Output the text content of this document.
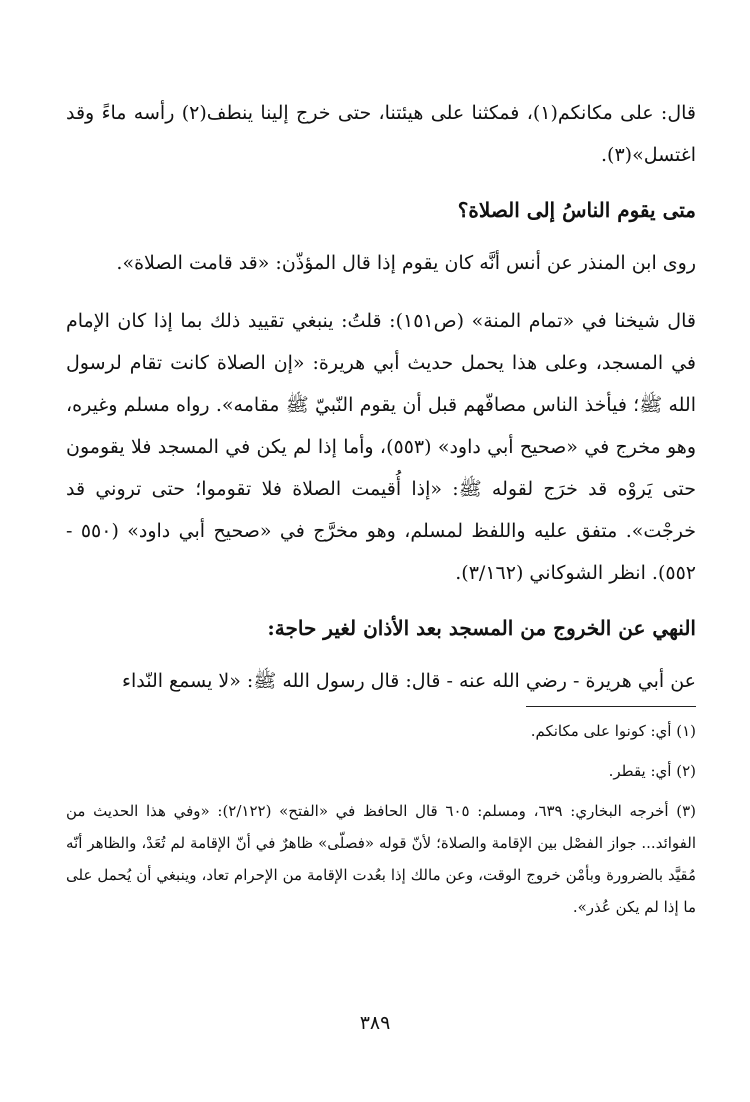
قال: على مكانكم(١)، فمكثنا على هيئتنا، حتى خرج إلينا ينطف(٢) رأسه ماءً وقد اغتسل»(٣).

متى يقوم الناسُ إلى الصلاة؟

روى ابن المنذر عن أنس أنَّه كان يقوم إذا قال المؤذّن: «قد قامت الصلاة».

قال شيخنا في «تمام المنة» (ص١٥١): قلتُ: ينبغي تقييد ذلك بما إذا كان الإمام في المسجد، وعلى هذا يحمل حديث أبي هريرة: «إن الصلاة كانت تقام لرسول الله ﷺ؛ فيأخذ الناس مصافّهم قبل أن يقوم النّبيّ ﷺ مقامه». رواه مسلم وغيره، وهو مخرج في «صحيح أبي داود» (٥٥٣)، وأما إذا لم يكن في المسجد فلا يقومون حتى يَروْه قد خرَج لقوله ﷺ: «إذا أُقيمت الصلاة فلا تقوموا؛ حتى تروني قد خرجْت». متفق عليه واللفظ لمسلم، وهو مخرَّج في «صحيح أبي داود» (٥٥٠ - ٥٥٢). انظر الشوكاني (٣/١٦٢).

النهي عن الخروج من المسجد بعد الأذان لغير حاجة:

عن أبي هريرة - رضي الله عنه - قال: قال رسول الله ﷺ: «لا يسمع النّداء

(١) أي: كونوا على مكانكم.

(٢) أي: يقطر.

(٣) أخرجه البخاري: ٦٣٩، ومسلم: ٦٠٥ قال الحافظ في «الفتح» (٢/١٢٢): «وفي هذا الحديث من الفوائد... جواز الفصْل بين الإقامة والصلاة؛ لأنّ قوله «فصلّى» ظاهرٌ في أنّ الإقامة لم تُعَدْ، والظاهر أنّه مُقيَّد بالضرورة وبأمْن خروج الوقت، وعن مالك إذا بعُدت الإقامة من الإحرام تعاد، وينبغي أن يُحمل على ما إذا لم يكن عُذر».

٣٨٩
